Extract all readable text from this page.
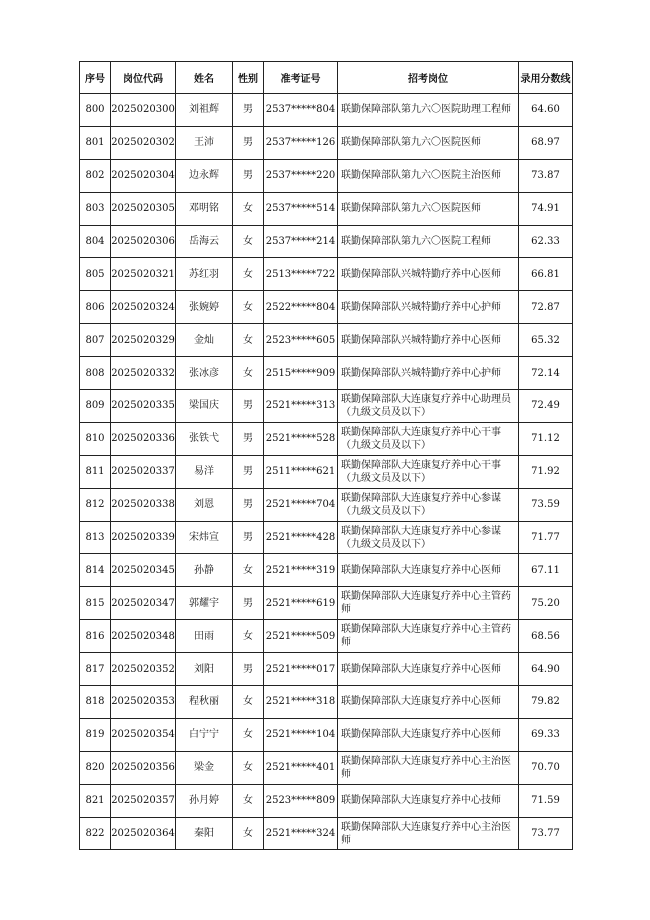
序号	岗位代码	姓名	性别	准考证号	招考岗位	录用分数线
800	2025020300	刘祖辉	男	2537*****804	联勤保障部队第九六〇医院助理工程师	64.60
801	2025020302	王沛	男	2537*****126	联勤保障部队第九六〇医院医师	68.97
802	2025020304	边永辉	男	2537*****220	联勤保障部队第九六〇医院主治医师	73.87
803	2025020305	邓明铭	女	2537*****514	联勤保障部队第九六〇医院医师	74.91
804	2025020306	岳海云	女	2537*****214	联勤保障部队第九六〇医院工程师	62.33
805	2025020321	苏红羽	女	2513*****722	联勤保障部队兴城特勤疗养中心医师	66.81
806	2025020324	张婉婷	女	2522*****804	联勤保障部队兴城特勤疗养中心护师	72.87
807	2025020329	金灿	女	2523*****605	联勤保障部队兴城特勤疗养中心医师	65.32
808	2025020332	张冰彦	女	2515*****909	联勤保障部队兴城特勤疗养中心护师	72.14
809	2025020335	梁国庆	男	2521*****313	联勤保障部队大连康复疗养中心助理员（九级文员及以下）	72.49
810	2025020336	张铁弋	男	2521*****528	联勤保障部队大连康复疗养中心干事（九级文员及以下）	71.12
811	2025020337	易洋	男	2511*****621	联勤保障部队大连康复疗养中心干事（九级文员及以下）	71.92
812	2025020338	刘恩	男	2521*****704	联勤保障部队大连康复疗养中心参谋（九级文员及以下）	73.59
813	2025020339	宋炜宣	男	2521*****428	联勤保障部队大连康复疗养中心参谋（九级文员及以下）	71.77
814	2025020345	孙静	女	2521*****319	联勤保障部队大连康复疗养中心医师	67.11
815	2025020347	郭耀宇	男	2521*****619	联勤保障部队大连康复疗养中心主管药师	75.20
816	2025020348	田雨	女	2521*****509	联勤保障部队大连康复疗养中心主管药师	68.56
817	2025020352	刘阳	男	2521*****017	联勤保障部队大连康复疗养中心医师	64.90
818	2025020353	程秋丽	女	2521*****318	联勤保障部队大连康复疗养中心医师	79.82
819	2025020354	白宁宁	女	2521*****104	联勤保障部队大连康复疗养中心医师	69.33
820	2025020356	梁金	女	2521*****401	联勤保障部队大连康复疗养中心主治医师	70.70
821	2025020357	孙月婷	女	2523*****809	联勤保障部队大连康复疗养中心技师	71.59
822	2025020364	秦阳	女	2521*****324	联勤保障部队大连康复疗养中心主治医师	73.77
